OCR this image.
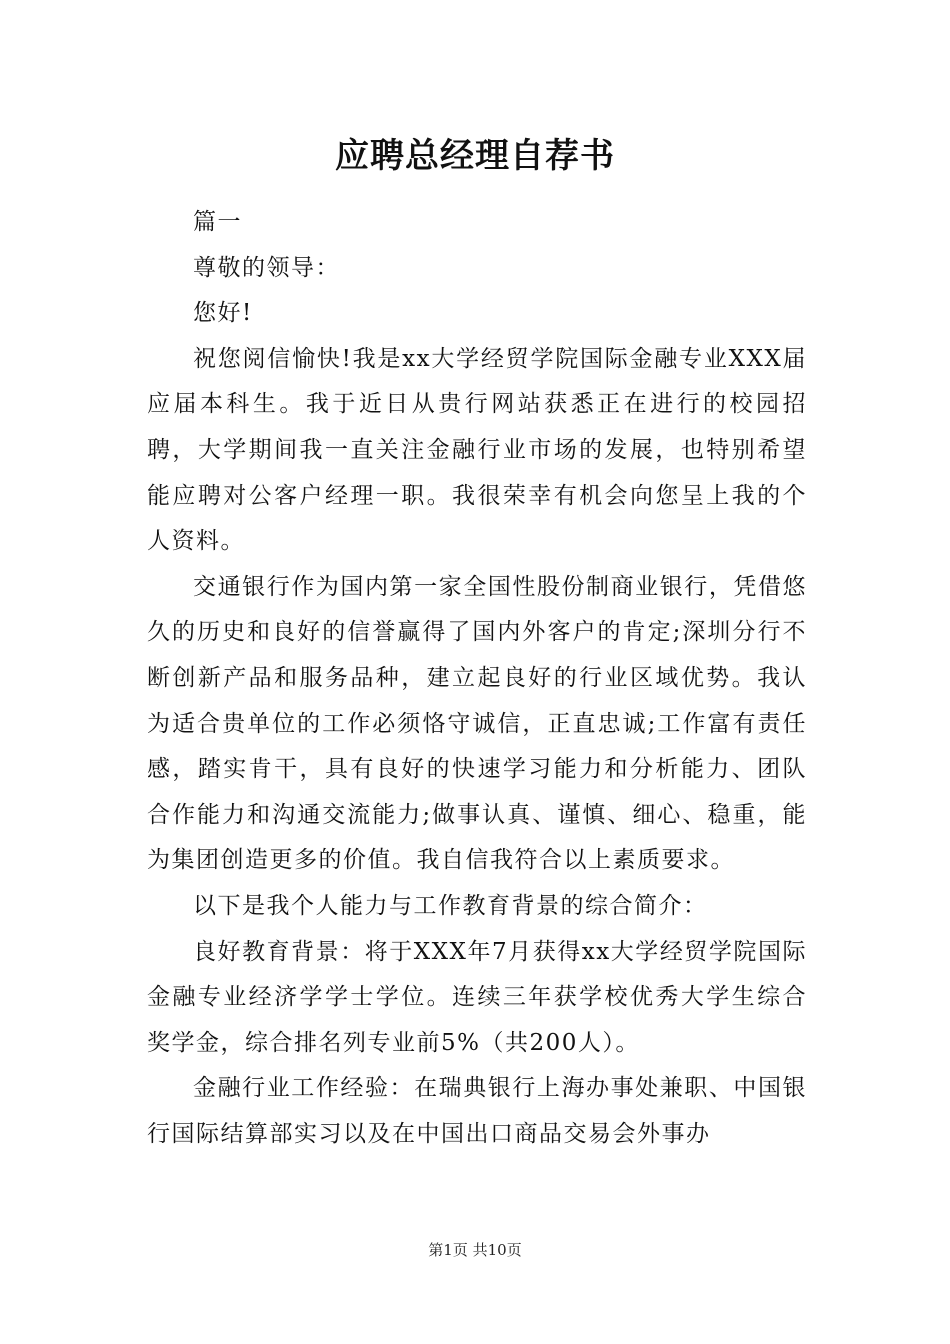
应聘总经理自荐书

篇一

尊敬的领导：

您好!

祝您阅信愉快!我是xx大学经贸学院国际金融专业XXX届应届本科生。我于近日从贵行网站获悉正在进行的校园招聘，大学期间我一直关注金融行业市场的发展，也特别希望能应聘对公客户经理一职。我很荣幸有机会向您呈上我的个人资料。

交通银行作为国内第一家全国性股份制商业银行，凭借悠久的历史和良好的信誉赢得了国内外客户的肯定;深圳分行不断创新产品和服务品种，建立起良好的行业区域优势。我认为适合贵单位的工作必须恪守诚信，正直忠诚;工作富有责任感，踏实肯干，具有良好的快速学习能力和分析能力、团队合作能力和沟通交流能力;做事认真、谨慎、细心、稳重，能为集团创造更多的价值。我自信我符合以上素质要求。

以下是我个人能力与工作教育背景的综合简介：

良好教育背景：将于XXX年7月获得xx大学经贸学院国际金融专业经济学学士学位。连续三年获学校优秀大学生综合奖学金，综合排名列专业前5%（共200人）。

金融行业工作经验：在瑞典银行上海办事处兼职、中国银行国际结算部实习以及在中国出口商品交易会外事办

第1页 共10页
